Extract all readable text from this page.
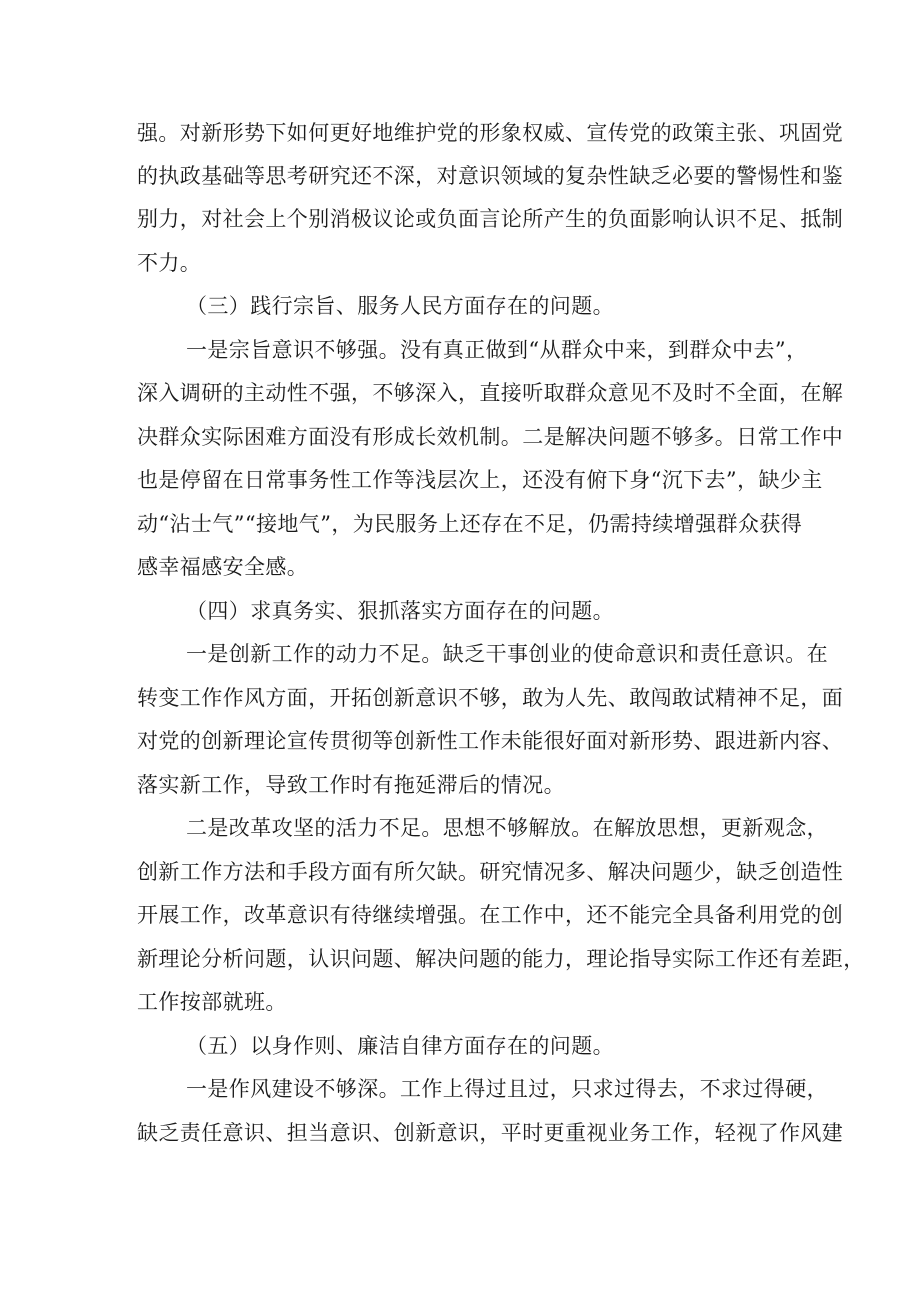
强。对新形势下如何更好地维护党的形象权威、宣传党的政策主张、巩固党
的执政基础等思考研究还不深，对意识领域的复杂性缺乏必要的警惕性和鉴
别力，对社会上个别消极议论或负面言论所产生的负面影响认识不足、抵制
不力。
（三）践行宗旨、服务人民方面存在的问题。
一是宗旨意识不够强。没有真正做到“从群众中来，到群众中去”，
深入调研的主动性不强，不够深入，直接听取群众意见不及时不全面，在解
决群众实际困难方面没有形成长效机制。二是解决问题不够多。日常工作中
也是停留在日常事务性工作等浅层次上，还没有俯下身“沉下去”，缺少主
动“沾士气”“接地气”，为民服务上还存在不足，仍需持续增强群众获得
感幸福感安全感。
（四）求真务实、狠抓落实方面存在的问题。
一是创新工作的动力不足。缺乏干事创业的使命意识和责任意识。在
转变工作作风方面，开拓创新意识不够，敢为人先、敢闯敢试精神不足，面
对党的创新理论宣传贯彻等创新性工作未能很好面对新形势、跟进新内容、
落实新工作，导致工作时有拖延滞后的情况。
二是改革攻坚的活力不足。思想不够解放。在解放思想，更新观念，
创新工作方法和手段方面有所欠缺。研究情况多、解决问题少，缺乏创造性
开展工作，改革意识有待继续增强。在工作中，还不能完全具备利用党的创
新理论分析问题，认识问题、解决问题的能力，理论指导实际工作还有差距，
工作按部就班。
（五）以身作则、廉洁自律方面存在的问题。
一是作风建设不够深。工作上得过且过，只求过得去，不求过得硬，
缺乏责任意识、担当意识、创新意识，平时更重视业务工作，轻视了作风建
